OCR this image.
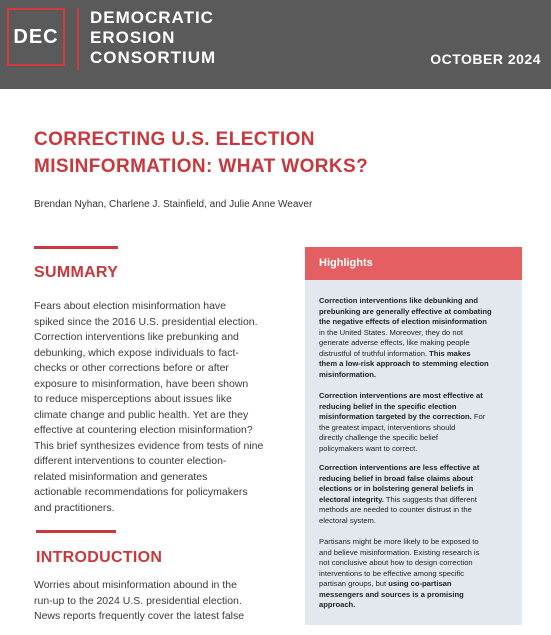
DEC
DEMOCRATIC
EROSION
CONSORTIUM	OCTOBER 2024
CORRECTING U.S. ELECTION
MISINFORMATION: WHAT WORKS?
Brendan Nyhan, Charlene J. Stainfield, and Julie Anne Weaver
SUMMARY
Fears about election misinformation have
spiked since the 2016 U.S. presidential election.
Correction interventions like prebunking and
debunking, which expose individuals to fact-
checks or other corrections before or after
exposure to misinformation, have been shown
to reduce misperceptions about issues like
climate change and public health. Yet are they
effective at countering election misinformation?
This brief synthesizes evidence from tests of nine
different interventions to counter election-
related misinformation and generates
actionable recommendations for policymakers
and practitioners.
INTRODUCTION
Worries about misinformation abound in the
run-up to the 2024 U.S. presidential election.
News reports frequently cover the latest false
Highlights
Correction interventions like debunking and
prebunking are generally effective at combating
the negative effects of election misinformation
in the United States. Moreover, they do not
generate adverse effects, like making people
distrustful of truthful information. This makes
them a low-risk approach to stemming election
misinformation.
Correction interventions are most effective at
reducing belief in the specific election
misinformation targeted by the correction. For
the greatest impact, interventions should
directly challenge the specific belief
policymakers want to correct.
Correction interventions are less effective at
reducing belief in broad false claims about
elections or in bolstering general beliefs in
electoral integrity. This suggests that different
methods are needed to counter distrust in the
electoral system.
Partisans might be more likely to be exposed to
and believe misinformation. Existing research is
not conclusive about how to design correction
interventions to be effective among specific
partisan groups, but using co-partisan
messengers and sources is a promising
approach.
